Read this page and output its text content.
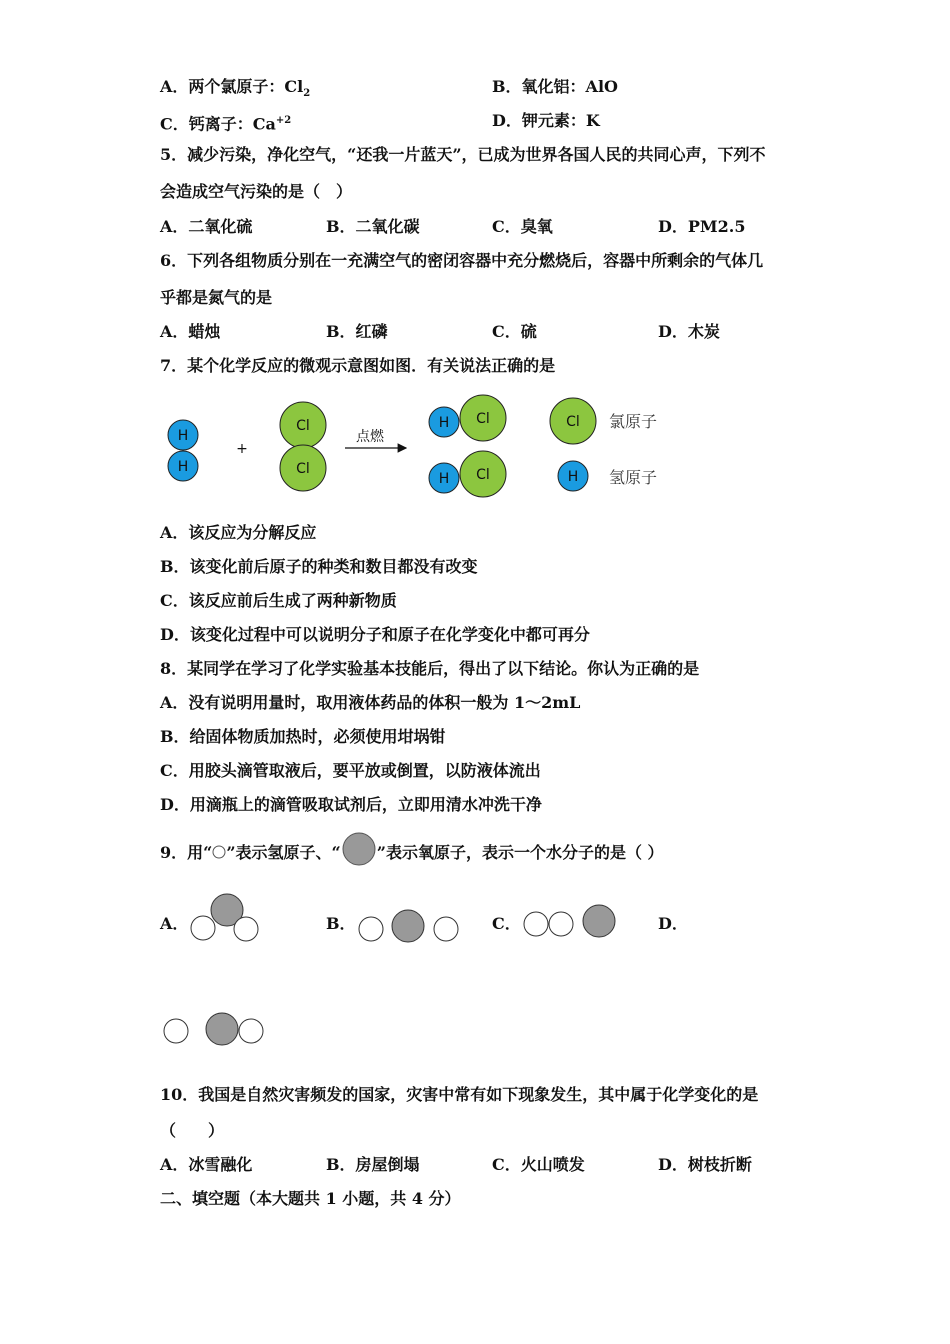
A．两个氯原子：$Cl_2$	B．氧化铝：AlO
C．钙离子：$Ca^{+2}$	D．钾元素：K
5．减少污染，净化空气，“还我一片蓝天”，已成为世界各国人民的共同心声，下列不
会造成空气污染的是（　）
A．二氧化硫	B．二氧化碳	C．臭氧	D．PM2.5
6．下列各组物质分别在一充满空气的密闭容器中充分燃烧后，容器中所剩余的气体几
乎都是氮气的是
A．蜡烛	B．红磷	C．硫	D．木炭
7．某个化学反应的微观示意图如图．有关说法正确的是
H
H
+
Cl
Cl
点燃
H Cl
H Cl
Cl 氯原子
H 氢原子
A．该反应为分解反应
B．该变化前后原子的种类和数目都没有改变
C．该反应前后生成了两种新物质
D．该变化过程中可以说明分子和原子在化学变化中都可再分
8．某同学在学习了化学实验基本技能后，得出了以下结论。你认为正确的是
A．没有说明用量时，取用液体药品的体积一般为 1～2mL
B．给固体物质加热时，必须使用坩埚钳
C．用胶头滴管取液后，要平放或倒置，以防液体流出
D．用滴瓶上的滴管吸取试剂后，立即用清水冲洗干净
9．用“ ”表示氢原子、“ ”表示氧原子，表示一个水分子的是（ ）
A．	B．	C．	D．
10．我国是自然灾害频发的国家，灾害中常有如下现象发生，其中属于化学变化的是
（　　）
A．冰雪融化	B．房屋倒塌	C．火山喷发	D．树枝折断
二、填空题（本大题共 1 小题，共 4 分）
